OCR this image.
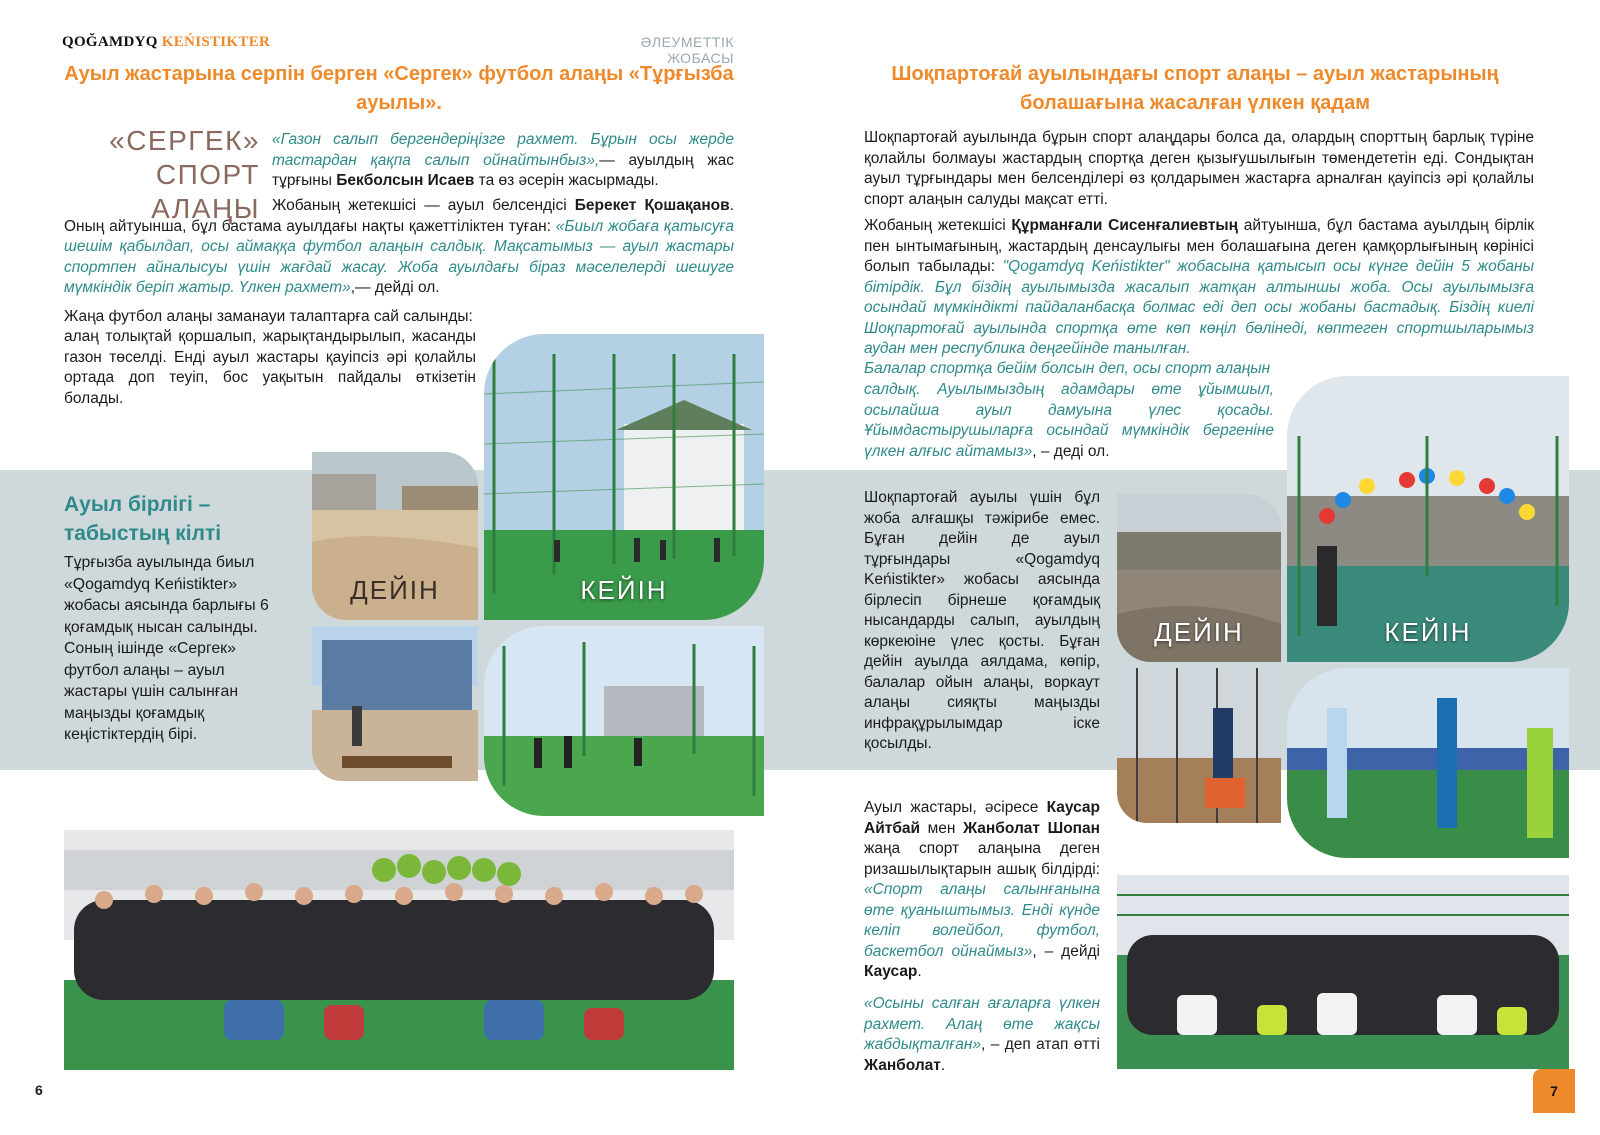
QOĞAMDYQ KEŃISTIKTER	ӘЛЕУМЕТТІК ЖОБАСЫ
Ауыл жастарына серпін берген «Сергек» футбол алаңы «Тұрғызба ауылы».
«СЕРГЕК»
СПОРТ АЛАҢЫ
«Газон салып бергендеріңізге рахмет. Бұрын осы жерде тастардан қақпа салып ойнайтынбыз»,— ауылдың жас тұрғыны Бекболсын Исаев та өз әсерін жасырмады.
Жобаның жетекшісі — ауыл белсендісі Берекет Қошақанов. Оның айтуынша, бұл бастама ауылдағы нақты қажеттіліктен туған: «Биыл жобаға қатысуға шешім қабылдап, осы аймаққа футбол алаңын салдық. Мақсатымыз — ауыл жастары спортпен айналысуы үшін жағдай жасау. Жоба ауылдағы біраз мәселелерді шешуге мүмкіндік беріп жатыр. Үлкен рахмет»,— дейді ол.
Жаңа футбол алаңы заманауи талаптарға сай салынды:
алаң толықтай қоршалып, жарықтандырылып, жасанды газон төселді. Енді ауыл жастары қауіпсіз әрі қолайлы ортада доп теуіп, бос уақытын пайдалы өткізетін болады.
Ауыл бірлігі – табыстың кілті
Тұрғызба ауылында биыл «Qogamdyq Keńistikter» жобасы аясында барлығы 6 қоғамдық нысан салынды. Соның ішінде «Сергек» футбол алаңы – ауыл жастары үшін салынған маңызды қоғамдық кеңістіктердің бірі.
ДЕЙІН	КЕЙІН
6
Шоқпартоғай ауылындағы спорт алаңы – ауыл жастарының болашағына жасалған үлкен қадам
Шоқпартоғай ауылында бұрын спорт алаңдары болса да, олардың спорттың барлық түріне қолайлы болмауы жастардың спортқа деген қызығушылығын төмендететін еді. Сондықтан ауыл тұрғындары мен белсенділері өз қолдарымен жастарға арналған қауіпсіз әрі қолайлы спорт алаңын салуды мақсат етті.
Жобаның жетекшісі Құрманғали Сисенғалиевтың айтуынша, бұл бастама ауылдың бірлік пен ынтымағының, жастардың денсаулығы мен болашағына деген қамқорлығының көрінісі болып табылады: "Qogamdyq Keńistikter" жобасына қатысып осы күнге дейін 5 жобаны бітірдік. Бұл біздің ауылымызда жасалып жатқан алтыншы жоба. Осы ауылымызға осындай мүмкіндікті пайдаланбасқа болмас еді деп осы жобаны бастадық. Біздің киелі Шоқпартоғай ауылында спортқа өте көп көңіл бөлінеді, көптеген спортшыларымыз аудан мен республика деңгейінде танылған.
Балалар спортқа бейім болсын деп, осы спорт алаңын
салдық. Ауылымыздың адамдары өте ұйымшыл, осылайша ауыл дамуына үлес қосады. Ұйымдастырушыларға осындай мүмкіндік бергеніне үлкен алғыс айтамыз», – деді ол.
Шоқпартоғай ауылы үшін бұл жоба алғашқы тәжірибе емес. Бұған дейін де ауыл тұрғындары «Qogamdyq Keńistikter» жобасы аясында бірлесіп бірнеше қоғамдық нысандарды салып, ауылдың көркеюіне үлес қосты. Бұған дейін ауылда аялдама, көпір, балалар ойын алаңы, воркаут алаңы сияқты маңызды инфрақұрылымдар іске қосылды.
Ауыл жастары, әсіресе Каусар Айтбай мен Жанболат Шопан жаңа спорт алаңына деген ризашылықтарын ашық білдірді: «Спорт алаңы салынғанына өте қуаныштымыз. Енді күнде келіп волейбол, футбол, баскетбол ойнаймыз», – дейді Каусар.
«Осыны салған ағаларға үлкен рахмет. Алаң өте жақсы жабдықталған», – деп атап өтті Жанболат.
ДЕЙІН	КЕЙІН
7
